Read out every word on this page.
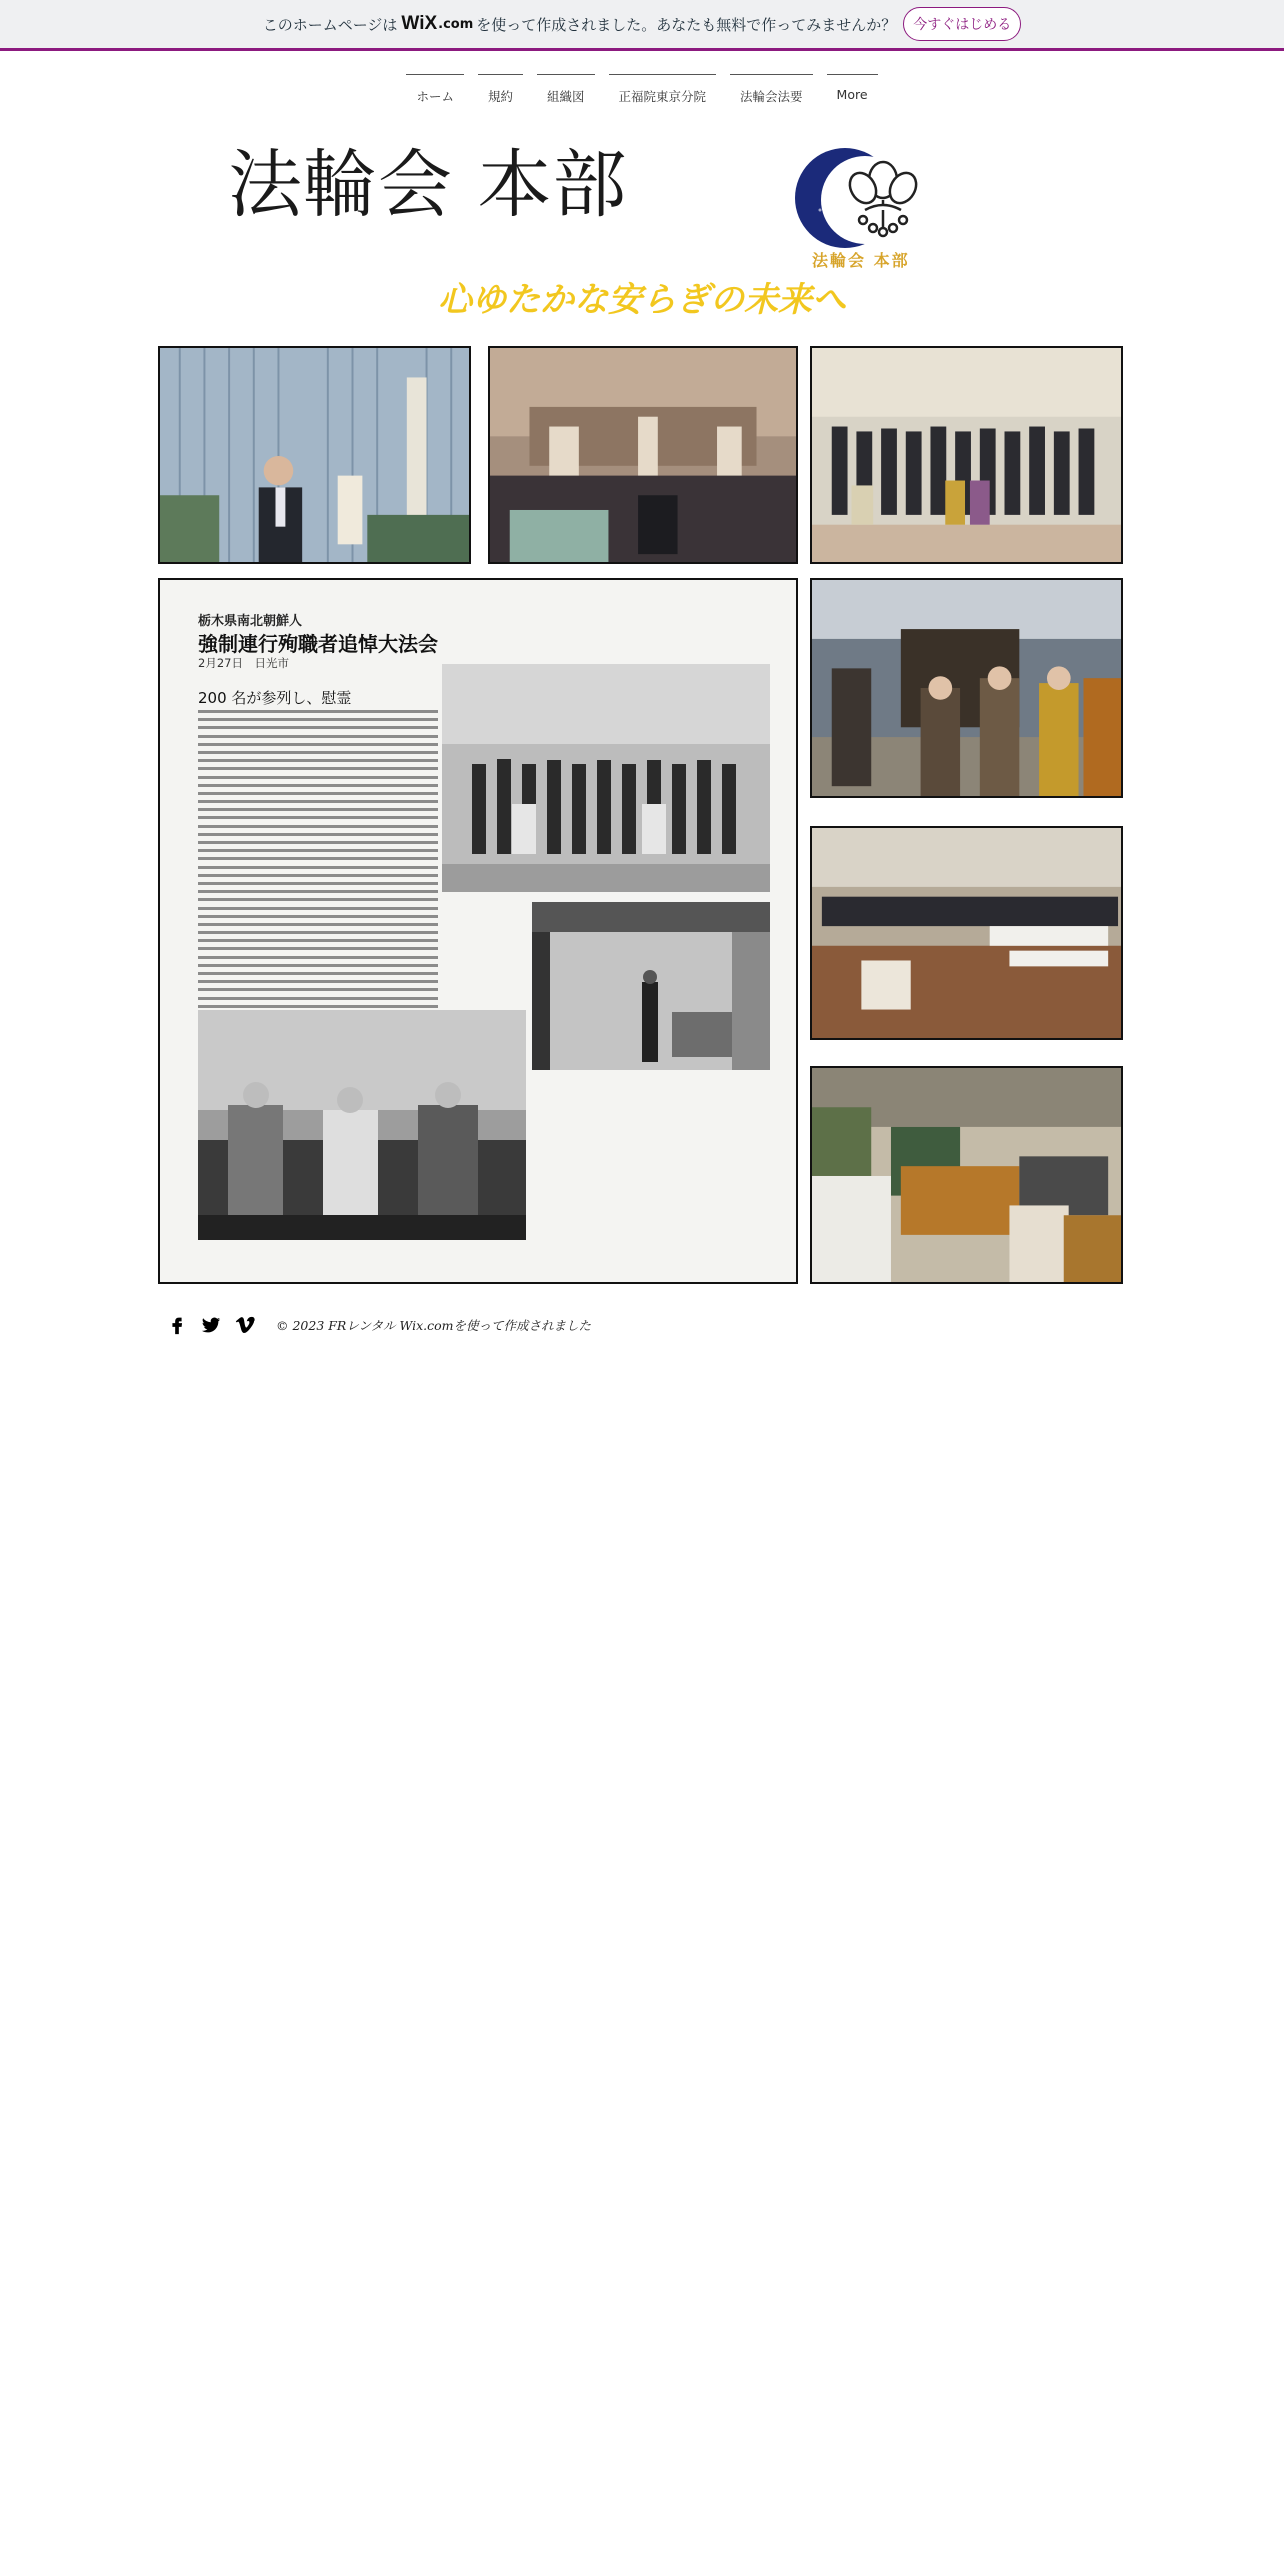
このホームページは WiX .com を使って作成されました。あなたも無料で作ってみませんか？	今すぐはじめる
ホーム	規約	組織図	正福院東京分院	法輪会法要	More
法輪会 本部
法輪会 本部
心ゆたかな安らぎの未来へ
栃木県南北朝鮮人
強制連行殉職者追悼大法会
2月27日　日光市
200 名が参列し、慰霊
© 2023 FRレンタル Wix.comを使って作成されました
